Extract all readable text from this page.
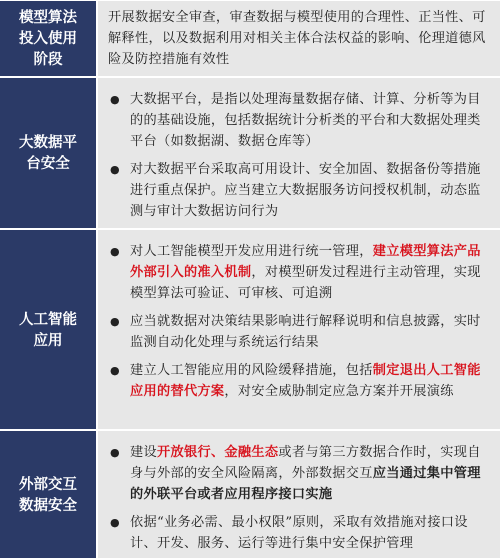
模型算法
投入使用
阶段
开展数据安全审查，审查数据与模型使用的合理性、正当性、可解释性，以及数据利用对相关主体合法权益的影响、伦理道德风险及防控措施有效性
大数据平
台安全
● 大数据平台，是指以处理海量数据存储、计算、分析等为目的的基础设施，包括数据统计分析类的平台和大数据处理类平台（如数据湖、数据仓库等）
● 对大数据平台采取高可用设计、安全加固、数据备份等措施进行重点保护。应当建立大数据服务访问授权机制，动态监测与审计大数据访问行为
人工智能
应用
● 对人工智能模型开发应用进行统一管理，建立模型算法产品外部引入的准入机制，对模型研发过程进行主动管理，实现模型算法可验证、可审核、可追溯
● 应当就数据对决策结果影响进行解释说明和信息披露，实时监测自动化处理与系统运行结果
● 建立人工智能应用的风险缓释措施，包括制定退出人工智能应用的替代方案，对安全威胁制定应急方案并开展演练
外部交互
数据安全
● 建设开放银行、金融生态或者与第三方数据合作时，实现自身与外部的安全风险隔离，外部数据交互应当通过集中管理的外联平台或者应用程序接口实施
● 依据“业务必需、最小权限”原则，采取有效措施对接口设计、开发、服务、运行等进行集中安全保护管理
